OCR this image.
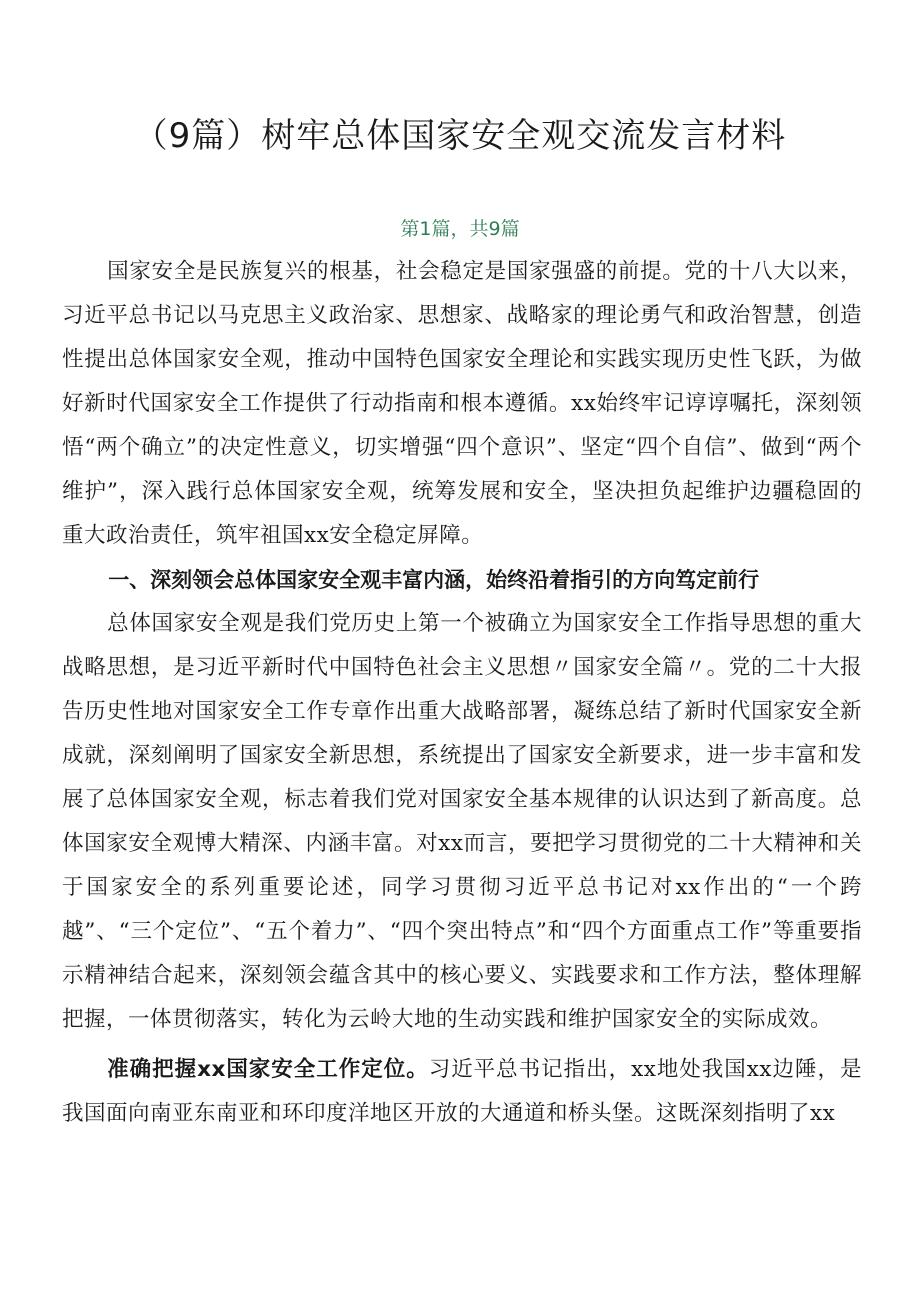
（9篇）树牢总体国家安全观交流发言材料

第1篇，共9篇

国家安全是民族复兴的根基，社会稳定是国家强盛的前提。党的十八大以来，习近平总书记以马克思主义政治家、思想家、战略家的理论勇气和政治智慧，创造性提出总体国家安全观，推动中国特色国家安全理论和实践实现历史性飞跃，为做好新时代国家安全工作提供了行动指南和根本遵循。xx始终牢记谆谆嘱托，深刻领悟“两个确立”的决定性意义，切实增强“四个意识”、坚定“四个自信”、做到“两个维护”，深入践行总体国家安全观，统筹发展和安全，坚决担负起维护边疆稳固的重大政治责任，筑牢祖国xx安全稳定屏障。

一、深刻领会总体国家安全观丰富内涵，始终沿着指引的方向笃定前行

总体国家安全观是我们党历史上第一个被确立为国家安全工作指导思想的重大战略思想，是习近平新时代中国特色社会主义思想〃国家安全篇〃。党的二十大报告历史性地对国家安全工作专章作出重大战略部署，凝练总结了新时代国家安全新成就，深刻阐明了国家安全新思想，系统提出了国家安全新要求，进一步丰富和发展了总体国家安全观，标志着我们党对国家安全基本规律的认识达到了新高度。总体国家安全观博大精深、内涵丰富。对xx而言，要把学习贯彻党的二十大精神和关于国家安全的系列重要论述，同学习贯彻习近平总书记对xx作出的“一个跨越”、“三个定位”、“五个着力”、“四个突出特点”和“四个方面重点工作”等重要指示精神结合起来，深刻领会蕴含其中的核心要义、实践要求和工作方法，整体理解把握，一体贯彻落实，转化为云岭大地的生动实践和维护国家安全的实际成效。

准确把握xx国家安全工作定位。习近平总书记指出，xx地处我国xx边陲，是我国面向南亚东南亚和环印度洋地区开放的大通道和桥头堡。这既深刻指明了xx
